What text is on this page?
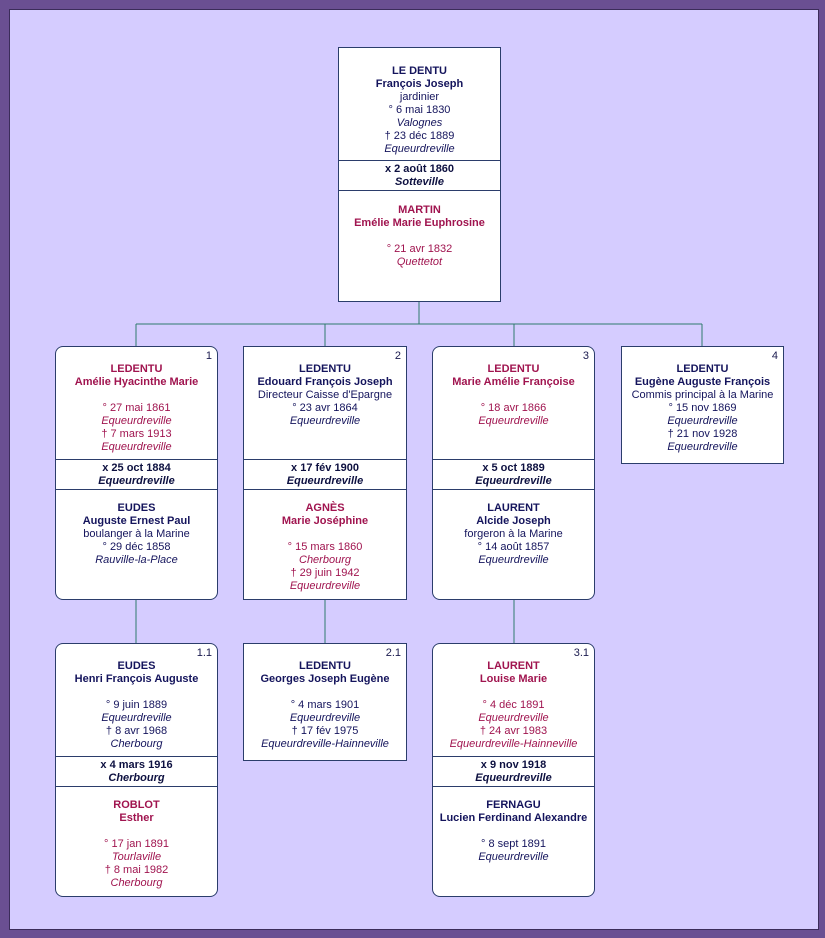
LE DENTU
François Joseph
jardinier
° 6 mai 1830
Valognes
† 23 déc 1889
Equeurdreville
x 2 août 1860
Sotteville
MARTIN
Emélie Marie Euphrosine

° 21 avr 1832
Quettetot
1
LEDENTU
Amélie Hyacinthe Marie

° 27 mai 1861
Equeurdreville
† 7 mars 1913
Equeurdreville
x 25 oct 1884
Equeurdreville
EUDES
Auguste Ernest Paul
boulanger à la Marine
° 29 déc 1858
Rauville-la-Place
2
LEDENTU
Edouard François Joseph
Directeur Caisse d'Epargne
° 23 avr 1864
Equeurdreville
x 17 fév 1900
Equeurdreville
AGNÈS
Marie Joséphine

° 15 mars 1860
Cherbourg
† 29 juin 1942
Equeurdreville
3
LEDENTU
Marie Amélie Françoise

° 18 avr 1866
Equeurdreville
x 5 oct 1889
Equeurdreville
LAURENT
Alcide Joseph
forgeron à la Marine
° 14 août 1857
Equeurdreville
4
LEDENTU
Eugène Auguste François
Commis principal à la Marine
° 15 nov 1869
Equeurdreville
† 21 nov 1928
Equeurdreville
1.1
EUDES
Henri François Auguste

° 9 juin 1889
Equeurdreville
† 8 avr 1968
Cherbourg
x 4 mars 1916
Cherbourg
ROBLOT
Esther

° 17 jan 1891
Tourlaville
† 8 mai 1982
Cherbourg
2.1
LEDENTU
Georges Joseph Eugène

° 4 mars 1901
Equeurdreville
† 17 fév 1975
Equeurdreville-Hainneville
3.1
LAURENT
Louise Marie

° 4 déc 1891
Equeurdreville
† 24 avr 1983
Equeurdreville-Hainneville
x 9 nov 1918
Equeurdreville
FERNAGU
Lucien Ferdinand Alexandre

° 8 sept 1891
Equeurdreville
